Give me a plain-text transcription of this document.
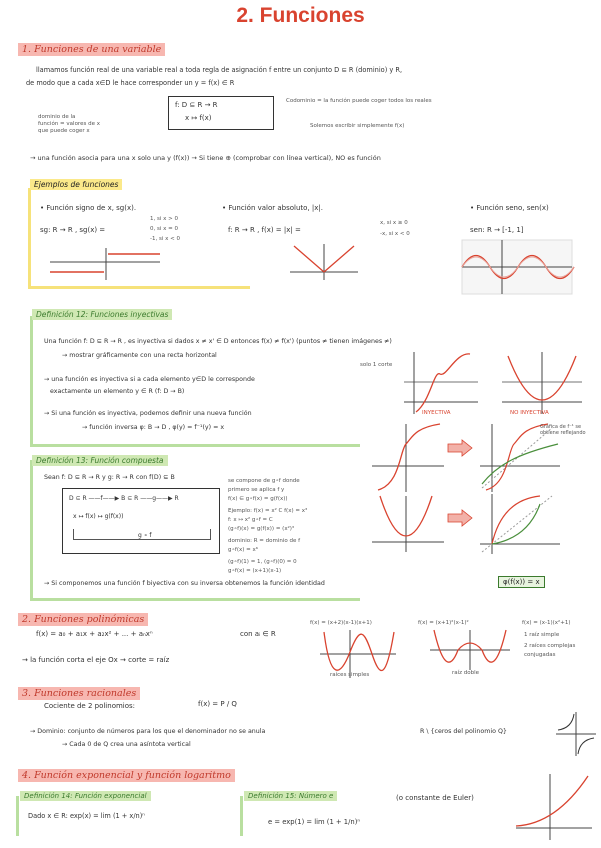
2. Funciones
1. Funciones de una variable
llamamos función real de una variable real a toda regla de asignación f entre un conjunto D ⊆ R (dominio) y R,
de modo que a cada x∈D le hace corresponder un y = f(x) ∈ R
f: D ⊆ R → R
x ↦ f(x)
dominio de la
función = valores de x
que puede coger x
Codominio = la función puede coger todos los reales
Solemos escribir simplemente f(x)
→ una función asocia para una x solo una y (f(x)) → Si tiene ⊕ (comprobar con línea vertical), NO es función
Ejemplos de funciones
• Función signo de x, sg(x).
sg: R → R , sg(x) =
1, si x > 0
0, si x = 0
-1, si x < 0
• Función valor absoluto, |x|.
f: R → R , f(x) = |x| =
x, si x ≥ 0
-x, si x < 0
• Función seno, sen(x)
sen: R → [-1, 1]
Definición 12: Funciones inyectivas
Una función f: D ⊆ R → R , es inyectiva si dados x ≠ x' ∈ D entonces f(x) ≠ f(x') (puntos ≠ tienen imágenes ≠)
→ mostrar gráficamente con una recta horizontal
solo 1 corte
→ una función es inyectiva si a cada elemento y∈D le corresponde
exactamente un elemento y ∈ R (f: D → B)
→ Si una función es inyectiva, podemos definir una nueva función
→ función inversa φ: B → D , φ(y) = f⁻¹(y) = x
INYECTIVA	NO INYECTIVA
Definición 13: Función compuesta
Sean f: D ⊆ R → R y g: R → R con f(D) ⊆ B
D ⊆ R ——f——▶ B ⊆ R ——g——▶ R
x ↦ f(x) ↦ g(f(x))
g ∘ f
se compone de g∘f donde
primero se aplica f y
f(x) ∈ g∘f(x) = g(f(x))
Ejemplo: f(x) = x² C f(x) = x³
f: x ↦ x² g∘f = C
(g∘f)(x) = g(f(x)) = (x²)³
dominio: R = dominio de f
g∘f(x) = x⁶
(g∘f)(1) = 1, (g∘f)(0) = 0
g∘f(x) = (x+1)(x-1)
→ Si componemos una función f biyectiva con su inversa obtenemos la función identidad	φ(f(x)) = x
Gráfica de f⁻¹ se obtiene reflejando
2. Funciones polinómicas
f(x) = a₀ + a₁x + a₂x² + ... + aₙxⁿ	con aᵢ ∈ R
→ la función corta el eje Ox → corte = raíz
f(x) = (x+2)(x-1)(x+1)
raíces simples
f(x) = (x+1)²(x-1)²
raíz doble
f(x) = (x-1)(x²+1)
1 raíz simple
2 raíces complejas
conjugadas
3. Funciones racionales
Cociente de 2 polinomios:	f(x) = P / Q
→ Dominio: conjunto de números para los que el denominador no se anula	R \ {ceros del polinomio Q}
→ Cada 0 de Q crea una asíntota vertical
4. Función exponencial y función logaritmo
Definición 14: Función exponencial
Dado x ∈ R: exp(x) = lim (1 + x/n)ⁿ
Definición 15: Número e	(o constante de Euler)
e = exp(1) = lim (1 + 1/n)ⁿ
